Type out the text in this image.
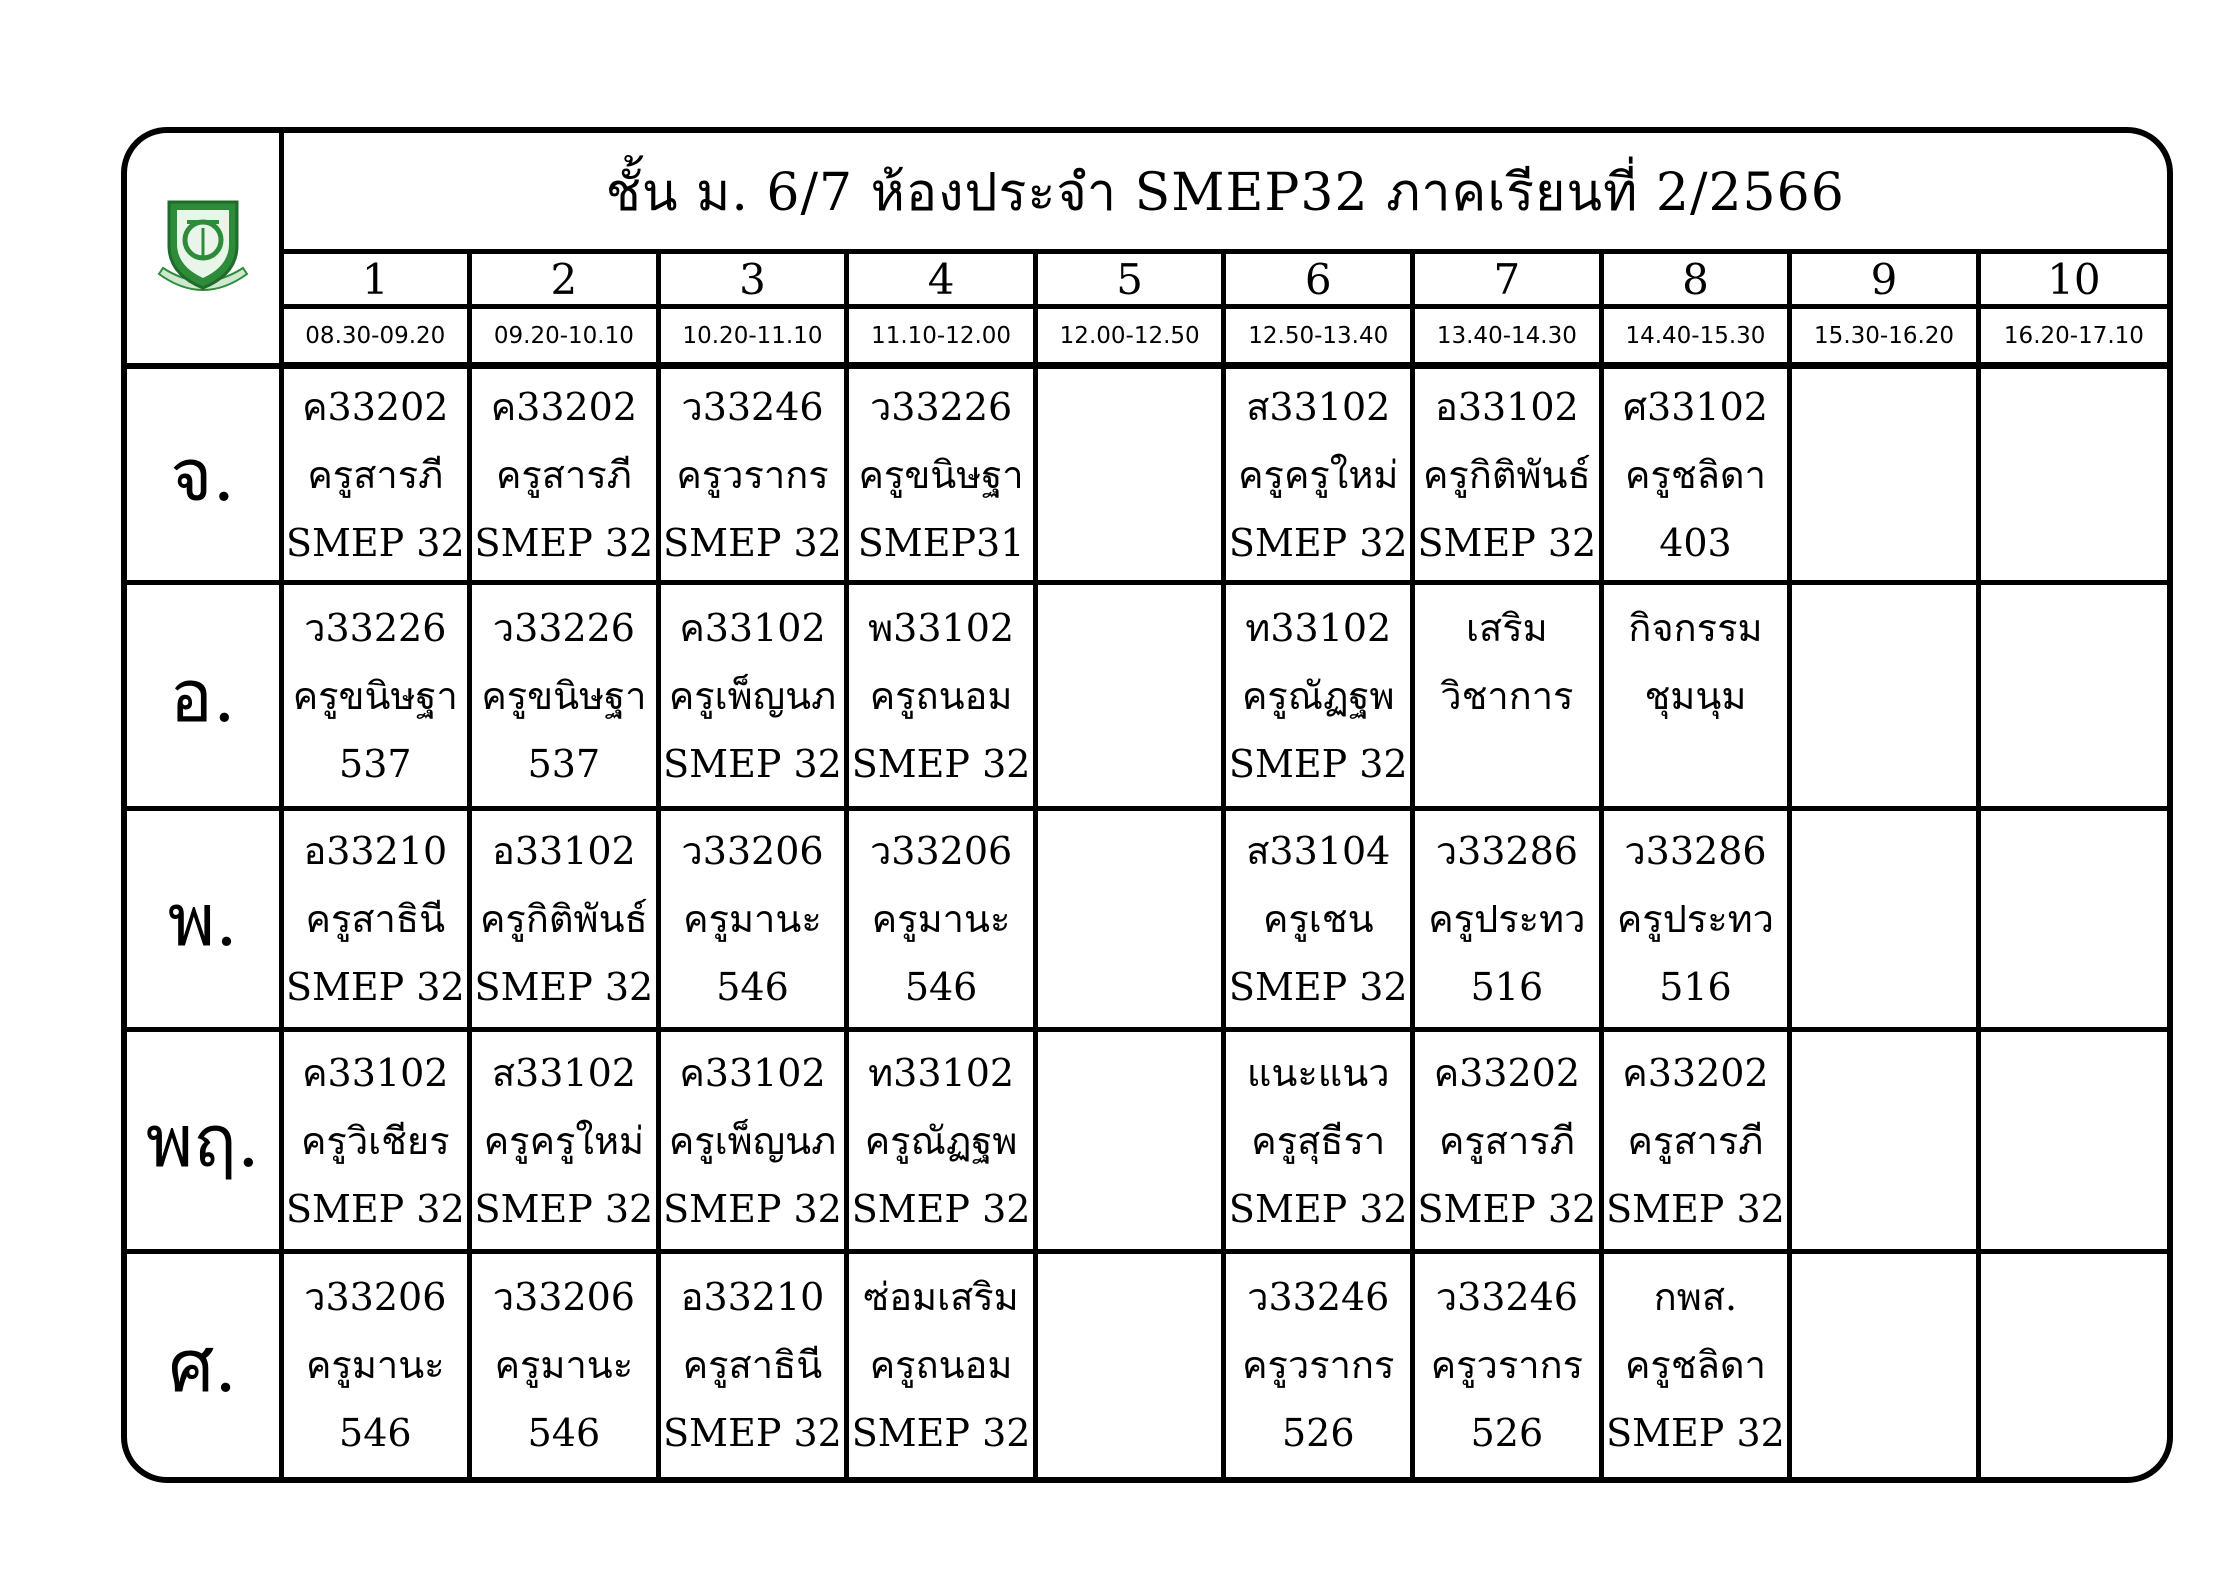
	ชั้น ม. 6/7 ห้องประจำ SMEP32 ภาคเรียนที่ 2/2566									
	1	2	3	4	5	6	7	8	9	10
	08.30-09.20	09.20-10.10	10.20-11.10	11.10-12.00	12.00-12.50	12.50-13.40	13.40-14.30	14.40-15.30	15.30-16.20	16.20-17.10
จ.	ค33202
ครูสารภี
SMEP 32	ค33202
ครูสารภี
SMEP 32	ว33246
ครูวรากร
SMEP 32	ว33226
ครูขนิษฐา
SMEP31		ส33102
ครูครูใหม่
SMEP 32	อ33102
ครูกิติพันธ์
SMEP 32	ศ33102
ครูชลิดา
403		

อ.	ว33226
ครูขนิษฐา
537	ว33226
ครูขนิษฐา
537	ค33102
ครูเพ็ญนภ
SMEP 32	พ33102
ครูถนอม
SMEP 32		ท33102
ครูณัฏฐพ
SMEP 32	เสริม
วิชาการ	กิจกรรม
ชุมนุม		

พ.	อ33210
ครูสาธินี
SMEP 32	อ33102
ครูกิติพันธ์
SMEP 32	ว33206
ครูมานะ
546	ว33206
ครูมานะ
546		ส33104
ครูเชน
SMEP 32	ว33286
ครูประทว
516	ว33286
ครูประทว
516		

พฤ.	ค33102
ครูวิเชียร
SMEP 32	ส33102
ครูครูใหม่
SMEP 32	ค33102
ครูเพ็ญนภ
SMEP 32	ท33102
ครูณัฏฐพ
SMEP 32		แนะแนว
ครูสุธีรา
SMEP 32	ค33202
ครูสารภี
SMEP 32	ค33202
ครูสารภี
SMEP 32		

ศ.	ว33206
ครูมานะ
546	ว33206
ครูมานะ
546	อ33210
ครูสาธินี
SMEP 32	ซ่อมเสริม
ครูถนอม
SMEP 32		ว33246
ครูวรากร
526	ว33246
ครูวรากร
526	กพส.
ครูชลิดา
SMEP 32		
